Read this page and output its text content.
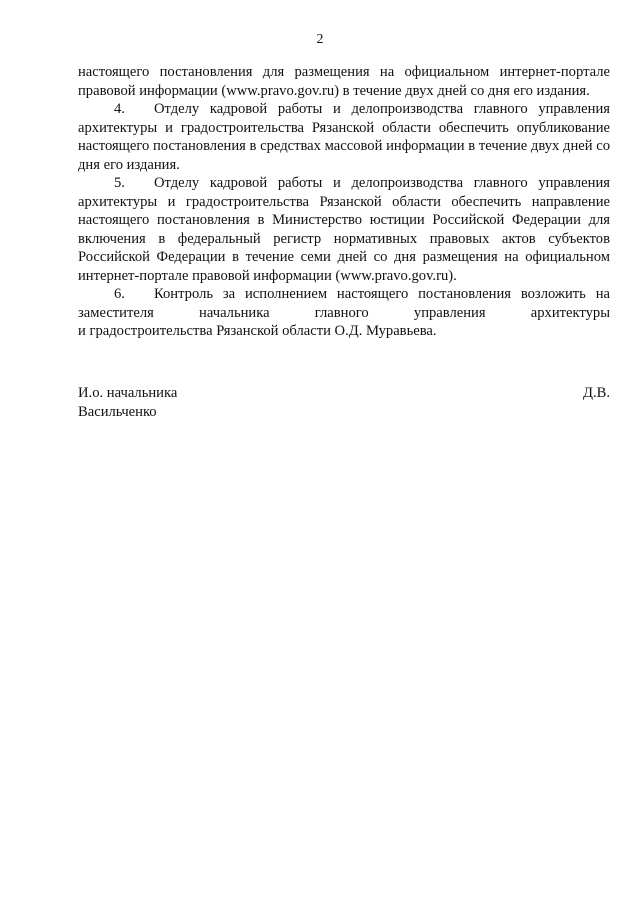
2

настоящего постановления для размещения на официальном интернет-портале правовой информации (www.pravo.gov.ru) в течение двух дней со дня его издания.

4. Отделу кадровой работы и делопроизводства главного управления архитектуры и градостроительства Рязанской области обеспечить опубликование настоящего постановления в средствах массовой информации в течение двух дней со дня его издания.

5. Отделу кадровой работы и делопроизводства главного управления архитектуры и градостроительства Рязанской области обеспечить направление настоящего постановления в Министерство юстиции Российской Федерации для включения в федеральный регистр нормативных правовых актов субъектов Российской Федерации в течение семи дней со дня размещения на официальном интернет-портале правовой информации (www.pravo.gov.ru).

6. Контроль за исполнением настоящего постановления возложить на заместителя начальника главного управления архитектуры

и градостроительства Рязанской области О.Д. Муравьева.

И.о. начальника	Д.В.
Васильченко
